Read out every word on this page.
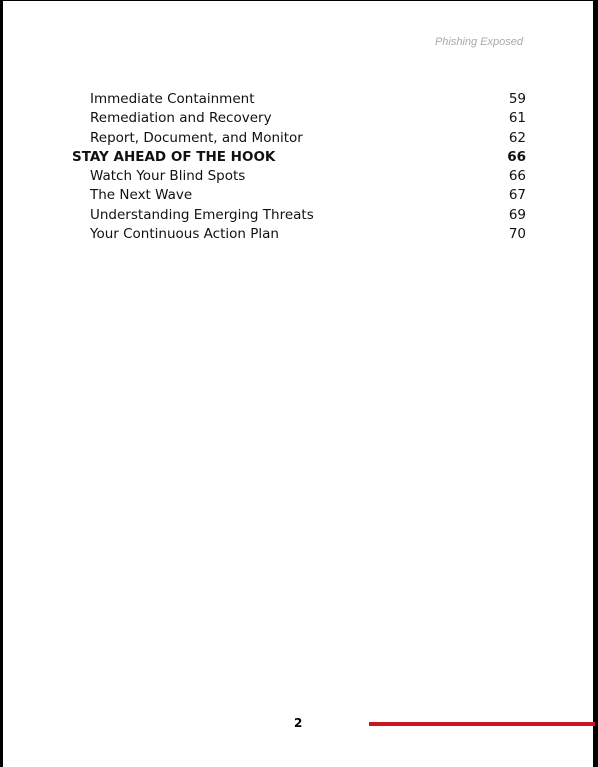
Phishing Exposed
Immediate Containment	59
Remediation and Recovery	61
Report, Document, and Monitor	62
STAY AHEAD OF THE HOOK	66
Watch Your Blind Spots	66
The Next Wave	67
Understanding Emerging Threats	69
Your Continuous Action Plan	70
2
